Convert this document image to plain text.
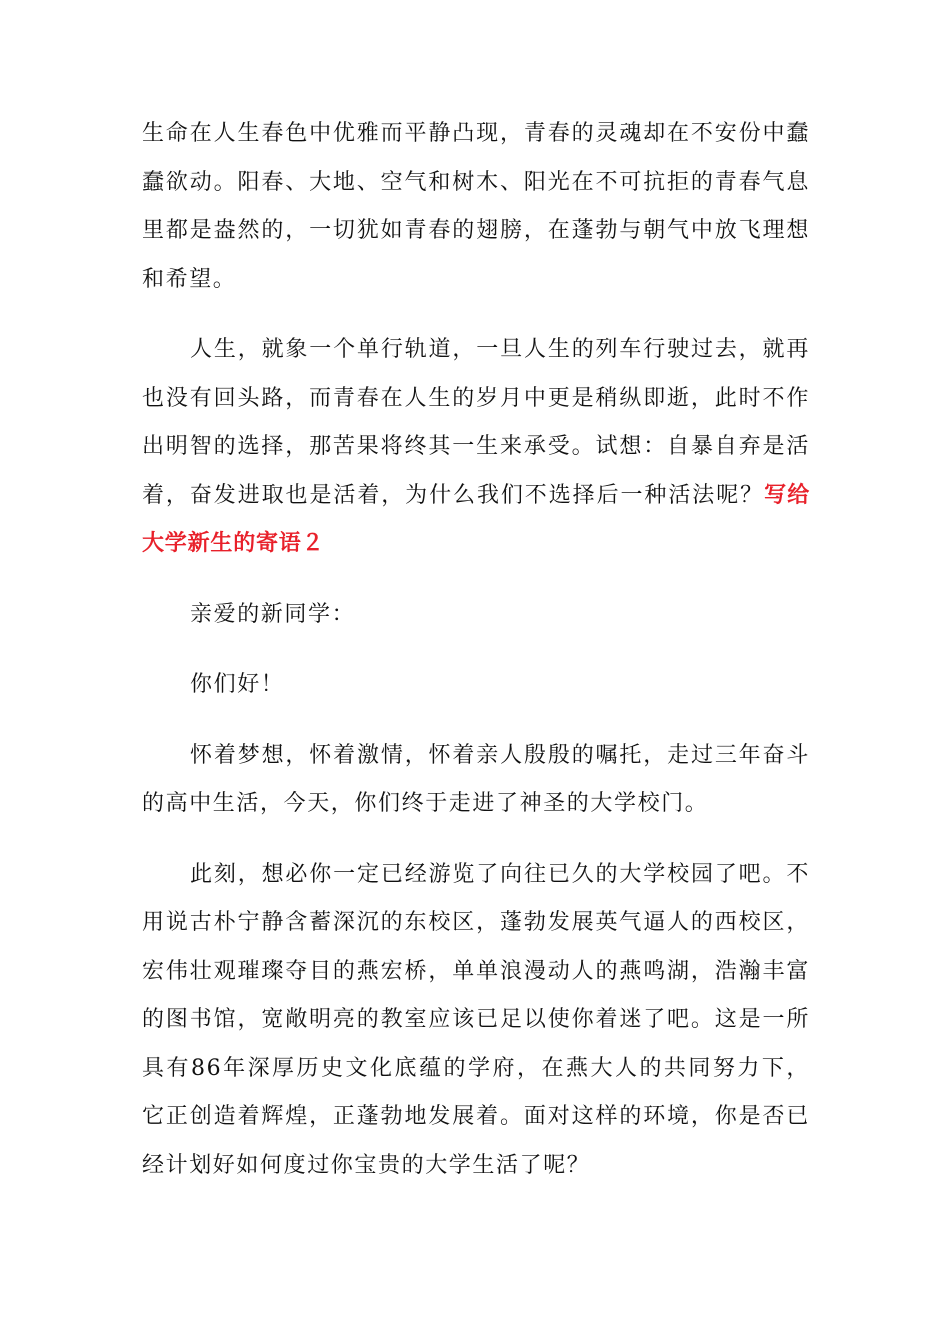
生命在人生春色中优雅而平静凸现，青春的灵魂却在不安份中蠢蠢欲动。阳春、大地、空气和树木、阳光在不可抗拒的青春气息里都是盎然的，一切犹如青春的翅膀，在蓬勃与朝气中放飞理想和希望。

人生，就象一个单行轨道，一旦人生的列车行驶过去，就再也没有回头路，而青春在人生的岁月中更是稍纵即逝，此时不作出明智的选择，那苦果将终其一生来承受。试想：自暴自弃是活着，奋发进取也是活着，为什么我们不选择后一种活法呢？写给大学新生的寄语２

亲爱的新同学：

你们好！

怀着梦想，怀着激情，怀着亲人殷殷的嘱托，走过三年奋斗的高中生活，今天，你们终于走进了神圣的大学校门。

此刻，想必你一定已经游览了向往已久的大学校园了吧。不用说古朴宁静含蓄深沉的东校区，蓬勃发展英气逼人的西校区，宏伟壮观璀璨夺目的燕宏桥，单单浪漫动人的燕鸣湖，浩瀚丰富的图书馆，宽敞明亮的教室应该已足以使你着迷了吧。这是一所具有86年深厚历史文化底蕴的学府，在燕大人的共同努力下，它正创造着辉煌，正蓬勃地发展着。面对这样的环境，你是否已经计划好如何度过你宝贵的大学生活了呢？
